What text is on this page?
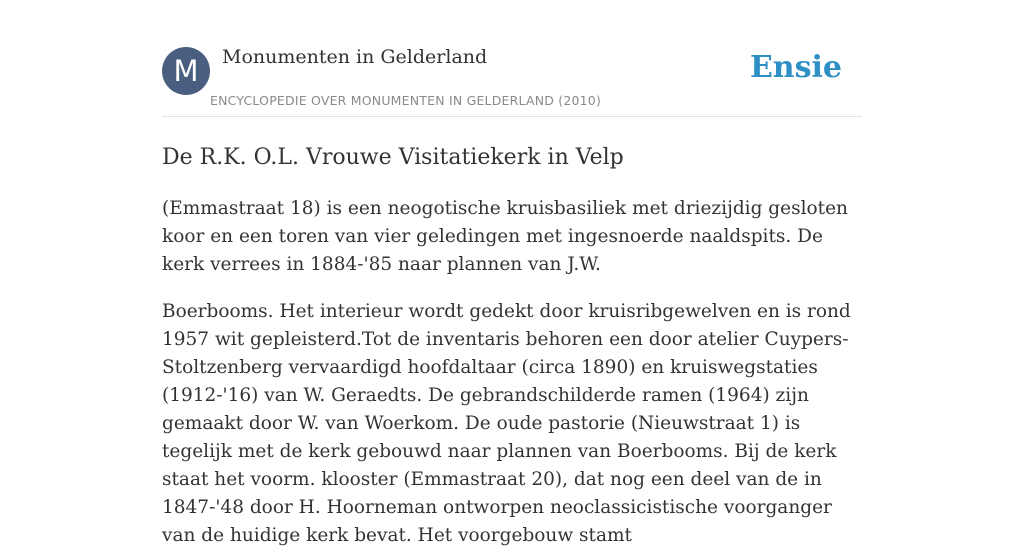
M	Monumenten in Gelderland
ENCYCLOPEDIE OVER MONUMENTEN IN GELDERLAND (2010)
Ensie
De R.K. O.L. Vrouwe Visitatiekerk in Velp

(Emmastraat 18) is een neogotische kruisbasiliek met driezijdig gesloten koor en een toren van vier geledingen met ingesnoerde naaldspits. De kerk verrees in 1884-'85 naar plannen van J.W.

Boerbooms. Het interieur wordt gedekt door kruisribgewelven en is rond 1957 wit gepleisterd.Tot de inventaris behoren een door atelier Cuypers-Stoltzenberg vervaardigd hoofdaltaar (circa 1890) en kruiswegstaties (1912-'16) van W. Geraedts. De gebrandschilderde ramen (1964) zijn gemaakt door W. van Woerkom. De oude pastorie (Nieuwstraat 1) is tegelijk met de kerk gebouwd naar plannen van Boerbooms. Bij de kerk staat het voorm. klooster (Emmastraat 20), dat nog een deel van de in 1847-'48 door H. Hoorneman ontworpen neoclassicistische voorganger van de huidige kerk bevat. Het voorgebouw stamt
